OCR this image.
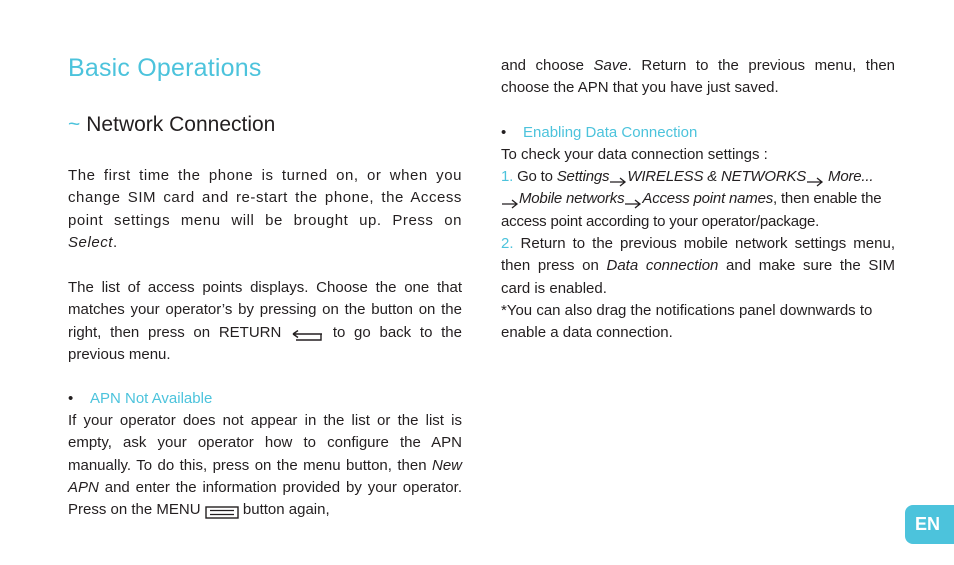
Basic Operations
~ Network Connection

The first time the phone is turned on, or when you change SIM card and re-start the phone, the Access point settings menu will be brought up. Press on Select.

The list of access points displays. Choose the one that matches your operator’s by pressing on the button on the right, then press on RETURN  to go back to the previous menu.

•	APN Not Available

If your operator does not appear in the list or the list is empty, ask your operator how to configure the APN manually. To do this, press on the menu button, then New APN and enter the information provided by your operator. Press on the MENU  button again,

and choose Save. Return to the previous menu, then choose the APN that you have just saved.

•	Enabling Data Connection

To check your data connection settings :

1. Go to Settings WIRELESS & NETWORKS More...
Mobile networks Access point names, then enable the access point according to your operator/package.

2. Return to the previous mobile network settings menu, then press on Data connection and make sure the SIM card is enabled.

*You can also drag the notifications panel downwards to enable a data connection.

EN
